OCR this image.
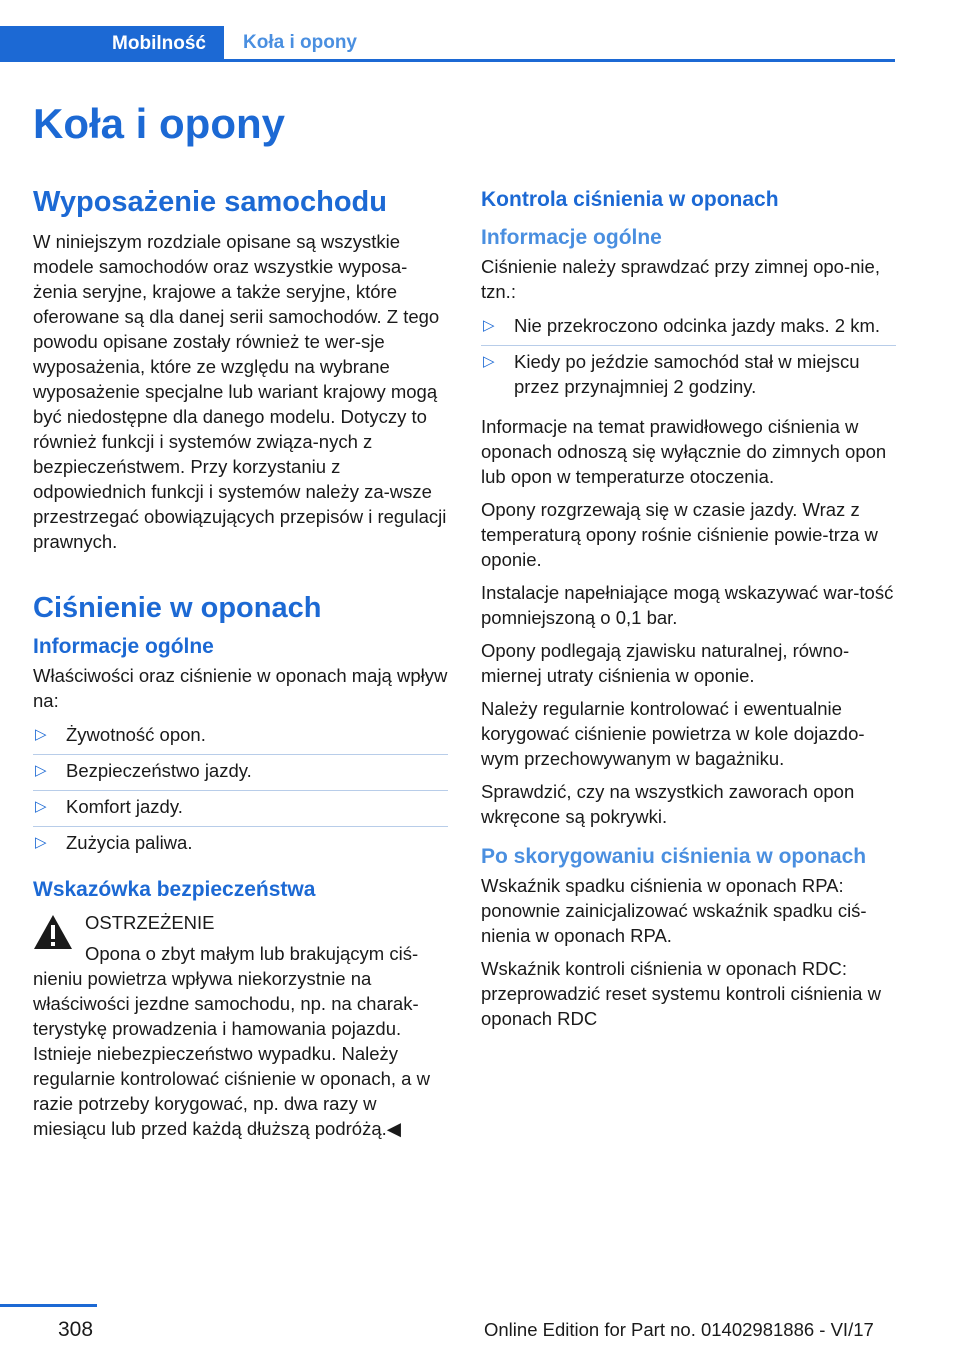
Mobilność	Koła i opony
Koła i opony
Wyposażenie samochodu

W niniejszym rozdziale opisane są wszystkie modele samochodów oraz wszystkie wyposa-żenia seryjne, krajowe a także seryjne, które oferowane są dla danej serii samochodów. Z tego powodu opisane zostały również te wer-sje wyposażenia, które ze względu na wybrane wyposażenie specjalne lub wariant krajowy mogą być niedostępne dla danego modelu. Dotyczy to również funkcji i systemów związa-nych z bezpieczeństwem. Przy korzystaniu z odpowiednich funkcji i systemów należy za-wsze przestrzegać obowiązujących przepisów i regulacji prawnych.

Ciśnienie w oponach
Informacje ogólne

Właściwości oraz ciśnienie w oponach mają wpływ na:

▷ Żywotność opon.
▷ Bezpieczeństwo jazdy.
▷ Komfort jazdy.
▷ Zużycia paliwa.
Wskazówka bezpieczeństwa
OSTRZEŻENIE

Opona o zbyt małym lub brakującym ciś-nieniu powietrza wpływa niekorzystnie na właściwości jezdne samochodu, np. na charak-terystykę prowadzenia i hamowania pojazdu. Istnieje niebezpieczeństwo wypadku. Należy regularnie kontrolować ciśnienie w oponach, a w razie potrzeby korygować, np. dwa razy w miesiącu lub przed każdą dłuższą podróżą.◀

Kontrola ciśnienia w oponach
Informacje ogólne

Ciśnienie należy sprawdzać przy zimnej opo-nie, tzn.:

▷ Nie przekroczono odcinka jazdy maks. 2 km.
▷ Kiedy po jeździe samochód stał w miejscu przez przynajmniej 2 godziny.

Informacje na temat prawidłowego ciśnienia w oponach odnoszą się wyłącznie do zimnych opon lub opon w temperaturze otoczenia.

Opony rozgrzewają się w czasie jazdy. Wraz z temperaturą opony rośnie ciśnienie powie-trza w oponie.

Instalacje napełniające mogą wskazywać war-tość pomniejszoną o 0,1 bar.

Opony podlegają zjawisku naturalnej, równo-miernej utraty ciśnienia w oponie.

Należy regularnie kontrolować i ewentualnie korygować ciśnienie powietrza w kole dojazdo-wym przechowywanym w bagażniku.

Sprawdzić, czy na wszystkich zaworach opon wkręcone są pokrywki.

Po skorygowaniu ciśnienia w oponach

Wskaźnik spadku ciśnienia w oponach RPA: ponownie zainicjalizować wskaźnik spadku ciś-nienia w oponach RPA.

Wskaźnik kontroli ciśnienia w oponach RDC: przeprowadzić reset systemu kontroli ciśnienia w oponach RDC

308	Online Edition for Part no. 01402981886 - VI/17
